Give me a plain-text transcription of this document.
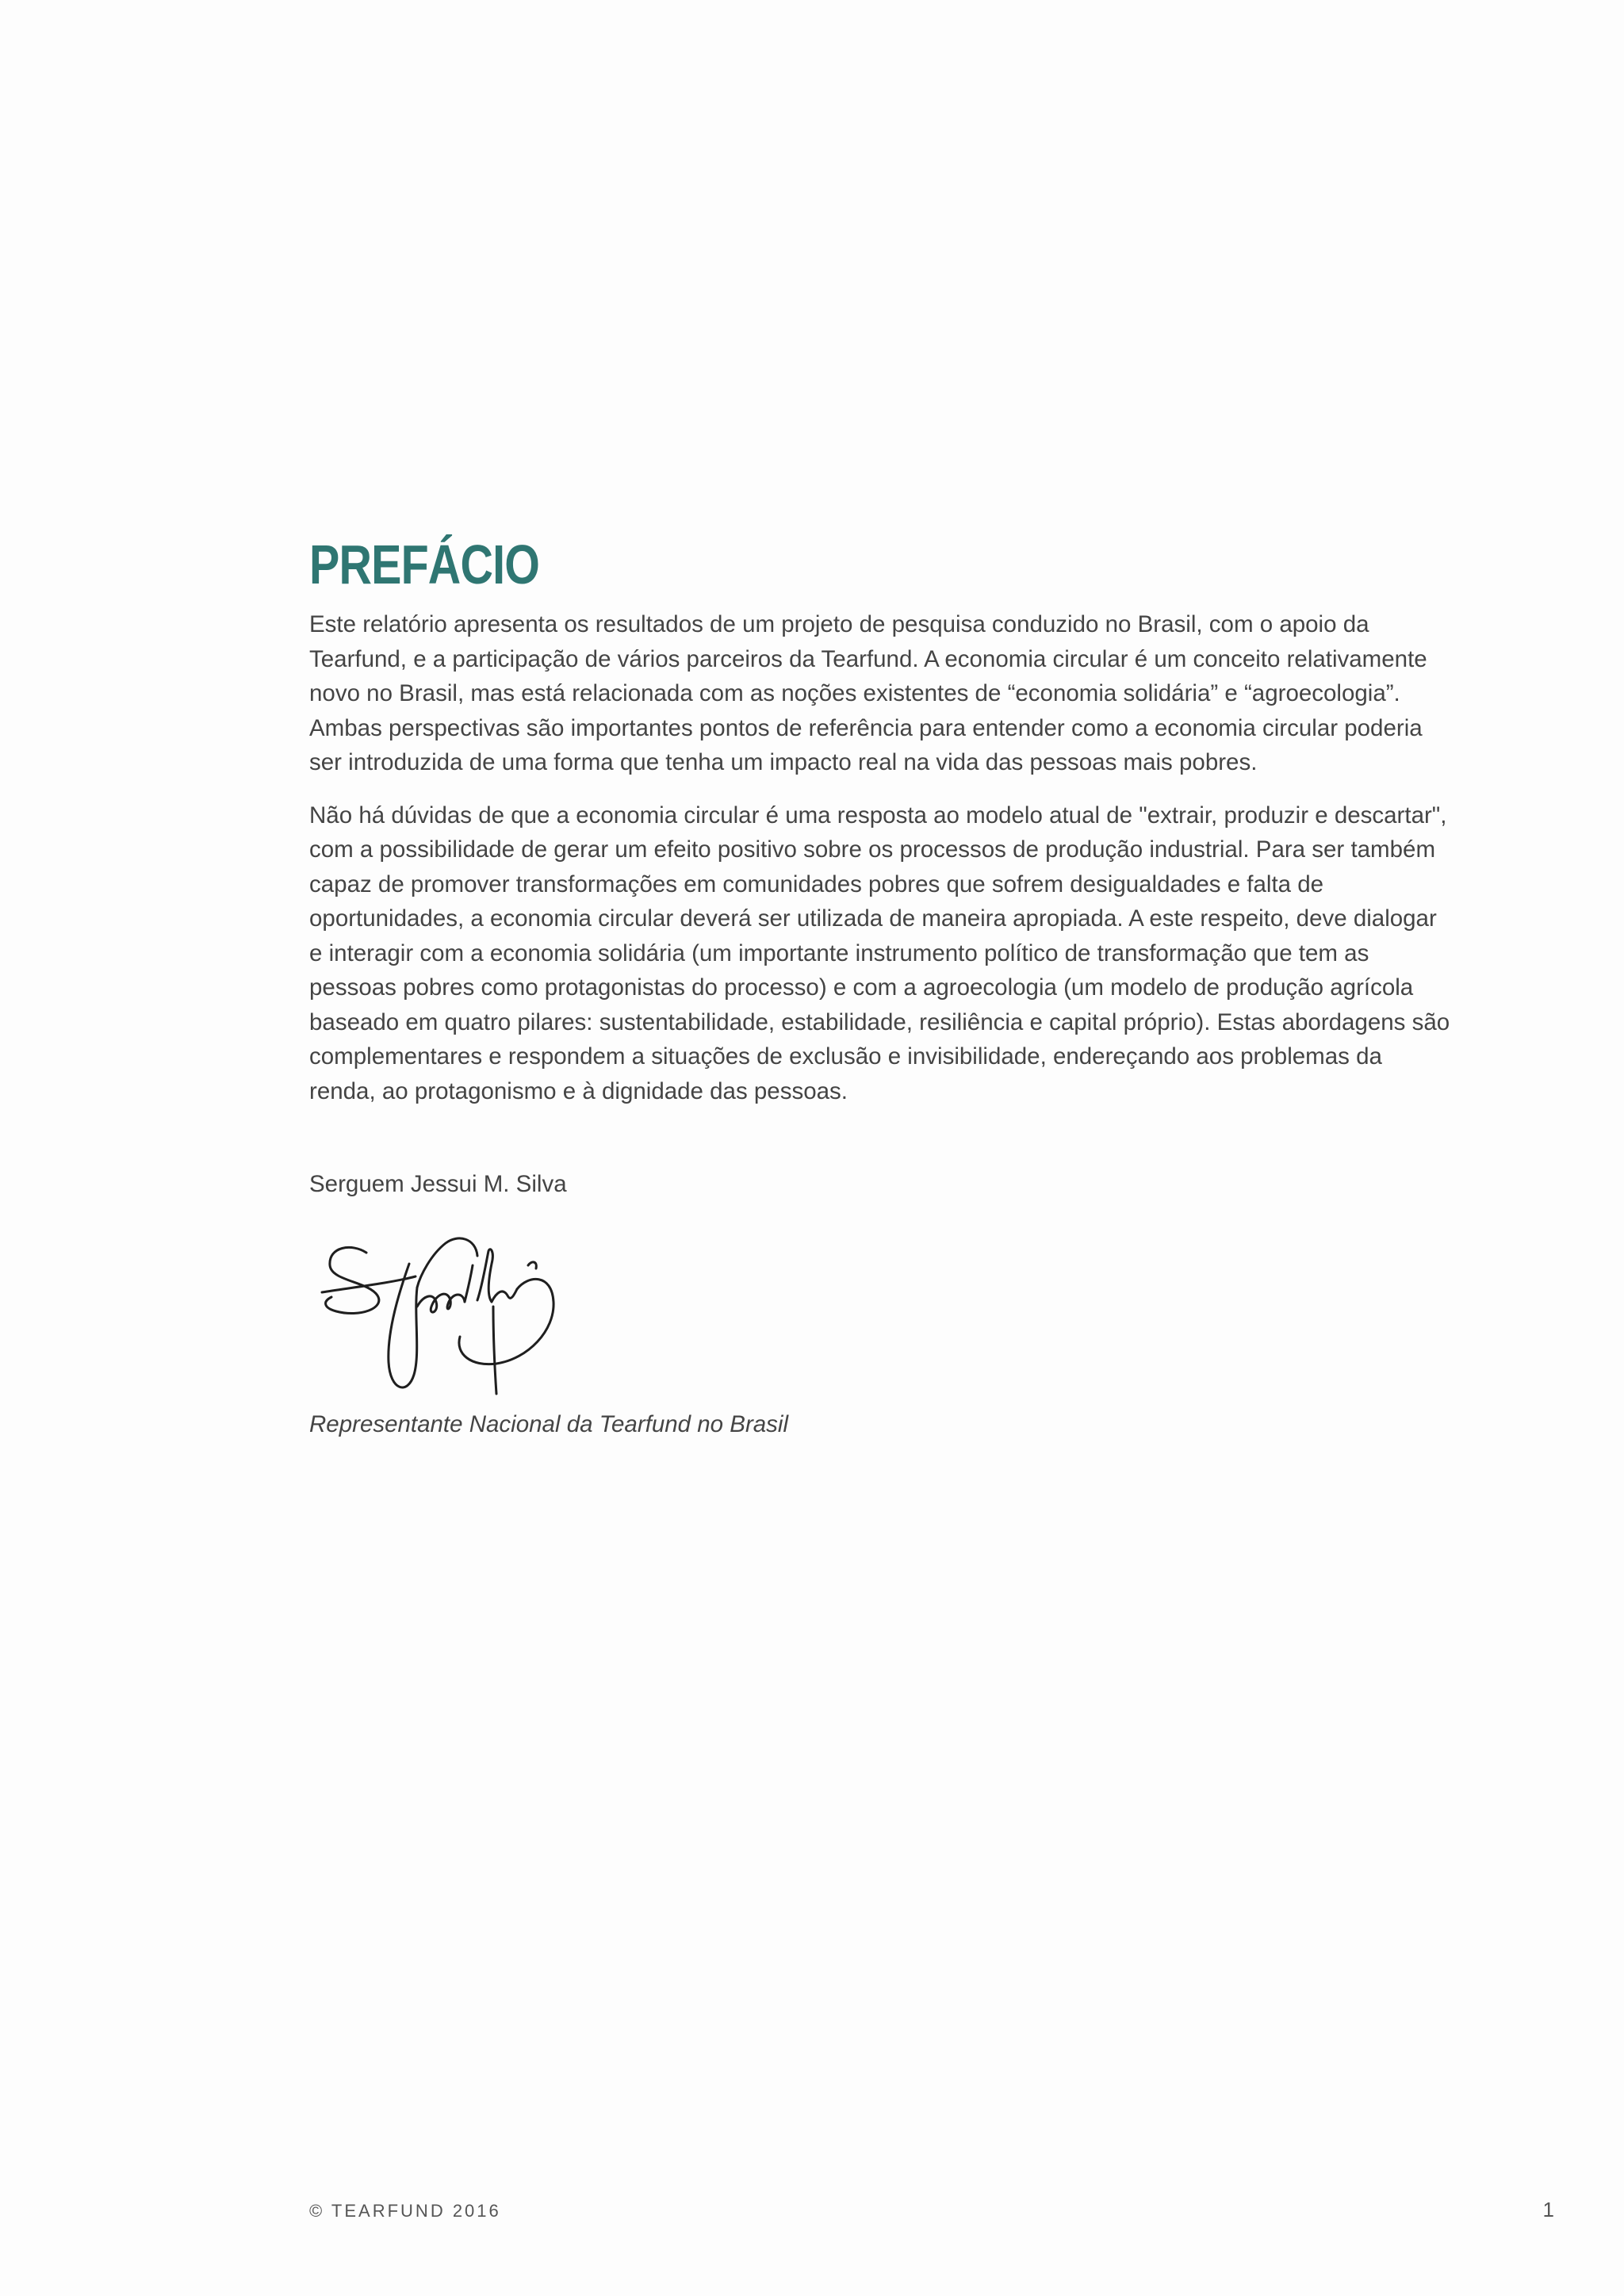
PREFÁCIO

Este relatório apresenta os resultados de um projeto de pesquisa conduzido no Brasil, com o apoio da Tearfund, e a participação de vários parceiros da Tearfund. A economia circular é um conceito relativamente novo no Brasil, mas está relacionada com as noções existentes de “economia solidária” e “agroecologia”. Ambas perspectivas são importantes pontos de referência para entender como a economia circular poderia ser introduzida de uma forma que tenha um impacto real na vida das pessoas mais pobres.

Não há dúvidas de que a economia circular é uma resposta ao modelo atual de "extrair, produzir e descartar", com a possibilidade de gerar um efeito positivo sobre os processos de produção industrial. Para ser também capaz de promover transformações em comunidades pobres que sofrem desigualdades e falta de oportunidades, a economia circular deverá ser utilizada de maneira apropiada. A este respeito, deve dialogar e interagir com a economia solidária (um importante instrumento político de transformação que tem as pessoas pobres como protagonistas do processo) e com a agroecologia (um modelo de produção agrícola baseado em quatro pilares: sustentabilidade, estabilidade, resiliência e capital próprio). Estas abordagens são complementares e respondem a situações de exclusão e invisibilidade, endereçando aos problemas da renda, ao protagonismo e à dignidade das pessoas.

Serguem Jessui M. Silva

Representante Nacional da Tearfund no Brasil

© TEARFUND 2016	1
